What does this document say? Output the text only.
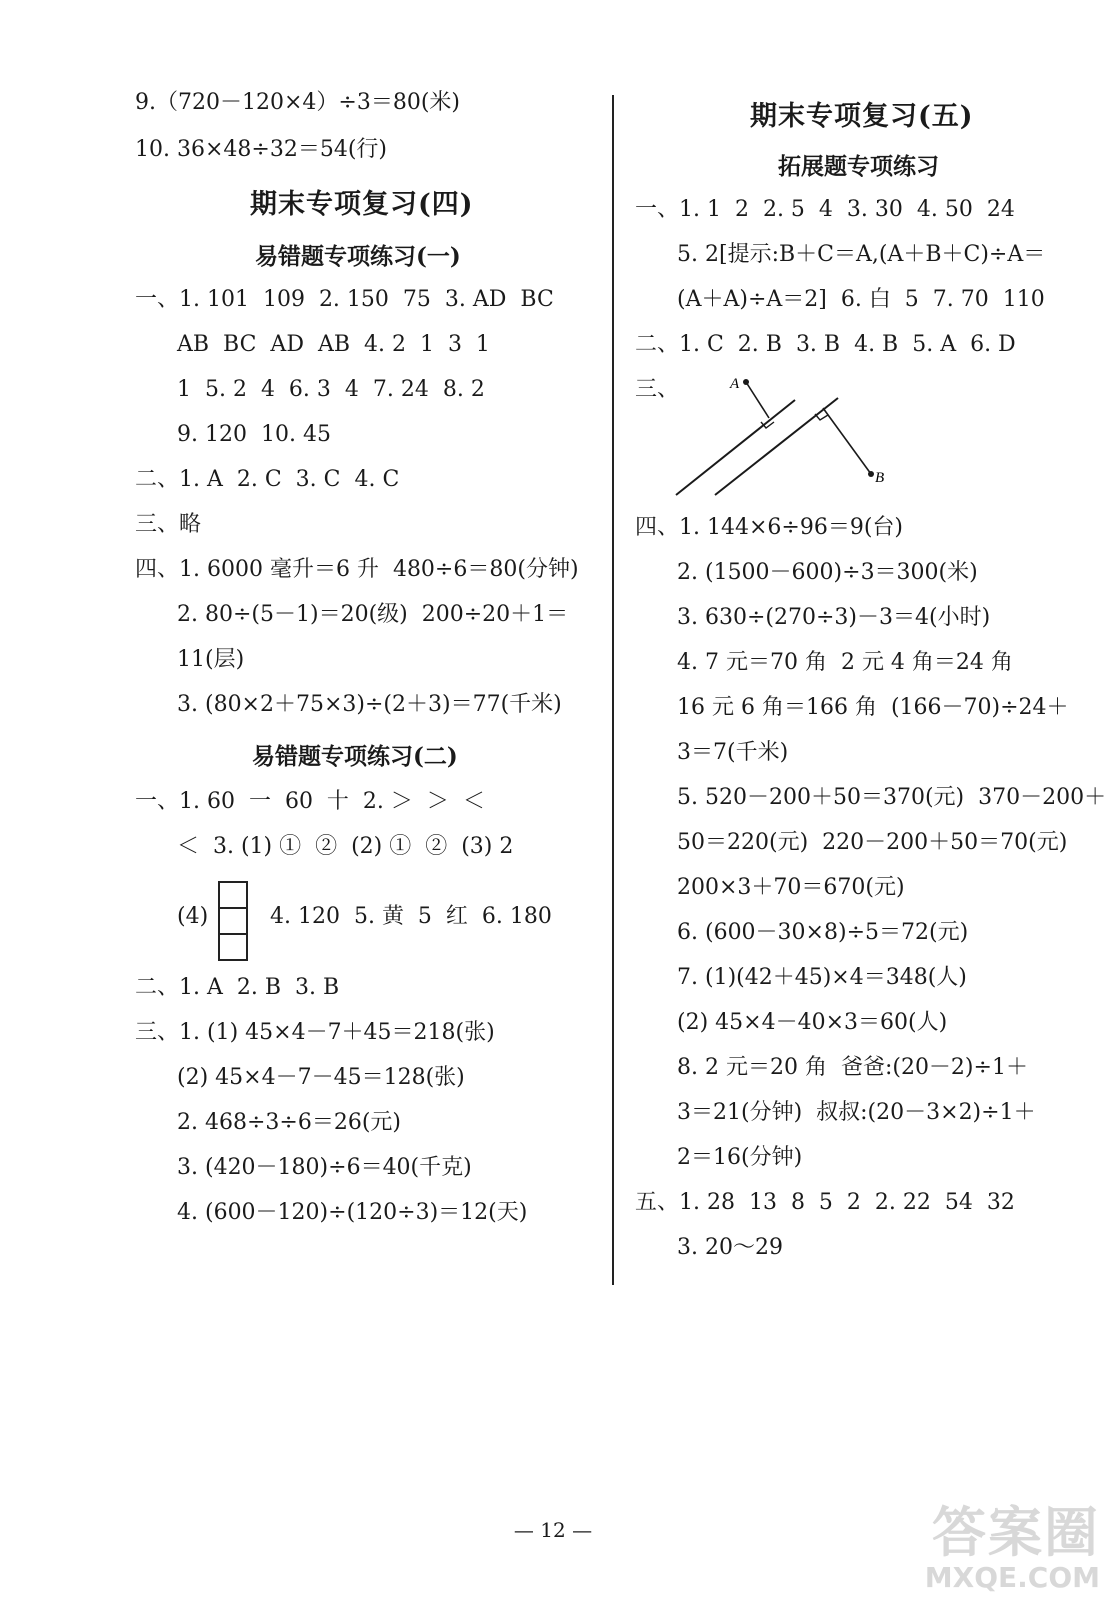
9.（720－120×4）÷3＝80(米)
10. 36×48÷32＝54(行)
期末专项复习(四)
易错题专项练习(一)
一、1. 101  109  2. 150  75  3. AD  BC
AB  BC  AD  AB  4. 2  1  3  1
1  5. 2  4  6. 3  4  7. 24  8. 2
9. 120  10. 45
二、1. A  2. C  3. C  4. C
三、略
四、1. 6000 毫升＝6 升  480÷6＝80(分钟)
2. 80÷(5－1)＝20(级)  200÷20＋1＝
11(层)
3. (80×2＋75×3)÷(2＋3)＝77(千米)
易错题专项练习(二)
一、1. 60  一  60  十  2. ＞  ＞  ＜
＜  3. (1) ①  ②  (2) ①  ②  (3) 2
(4)	4. 120  5. 黄  5  红  6. 180
二、1. A  2. B  3. B
三、1. (1) 45×4－7＋45＝218(张)
(2) 45×4－7－45＝128(张)
2. 468÷3÷6＝26(元)
3. (420－180)÷6＝40(千克)
4. (600－120)÷(120÷3)＝12(天)
期末专项复习(五)
拓展题专项练习
一、1. 1  2  2. 5  4  3. 30  4. 50  24
5. 2[提示:B＋C＝A,(A＋B＋C)÷A＝
(A＋A)÷A＝2]  6. 白  5  7. 70  110
二、1. C  2. B  3. B  4. B  5. A  6. D
三、	A
B
四、1. 144×6÷96＝9(台)
2. (1500－600)÷3＝300(米)
3. 630÷(270÷3)－3＝4(小时)
4. 7 元＝70 角  2 元 4 角＝24 角
16 元 6 角＝166 角  (166－70)÷24＋
3＝7(千米)
5. 520－200＋50＝370(元)  370－200＋
50＝220(元)  220－200＋50＝70(元)
200×3＋70＝670(元)
6. (600－30×8)÷5＝72(元)
7. (1)(42＋45)×4＝348(人)
(2) 45×4－40×3＝60(人)
8. 2 元＝20 角  爸爸:(20－2)÷1＋
3＝21(分钟)  叔叔:(20－3×2)÷1＋
2＝16(分钟)
五、1. 28  13  8  5  2  2. 22  54  32
3. 20～29
— 12 —	答案圈
MXQE.COM
